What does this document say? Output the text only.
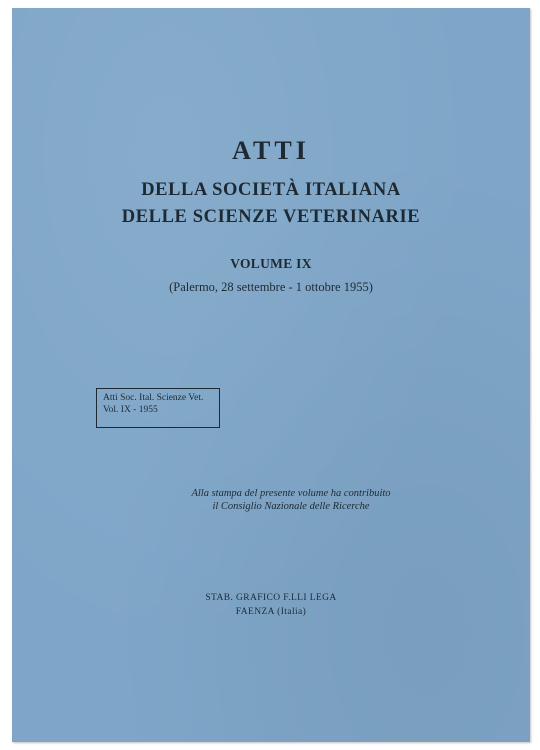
ATTI
DELLA SOCIETÀ ITALIANA
DELLE SCIENZE VETERINARIE
VOLUME IX
(Palermo, 28 settembre - 1 ottobre 1955)
Atti Soc. Ital. Scienze Vet.
Vol. IX - 1955
Alla stampa del presente volume ha contribuito
il Consiglio Nazionale delle Ricerche
STAB. GRAFICO F.LLI LEGA
FAENZA (Italia)
